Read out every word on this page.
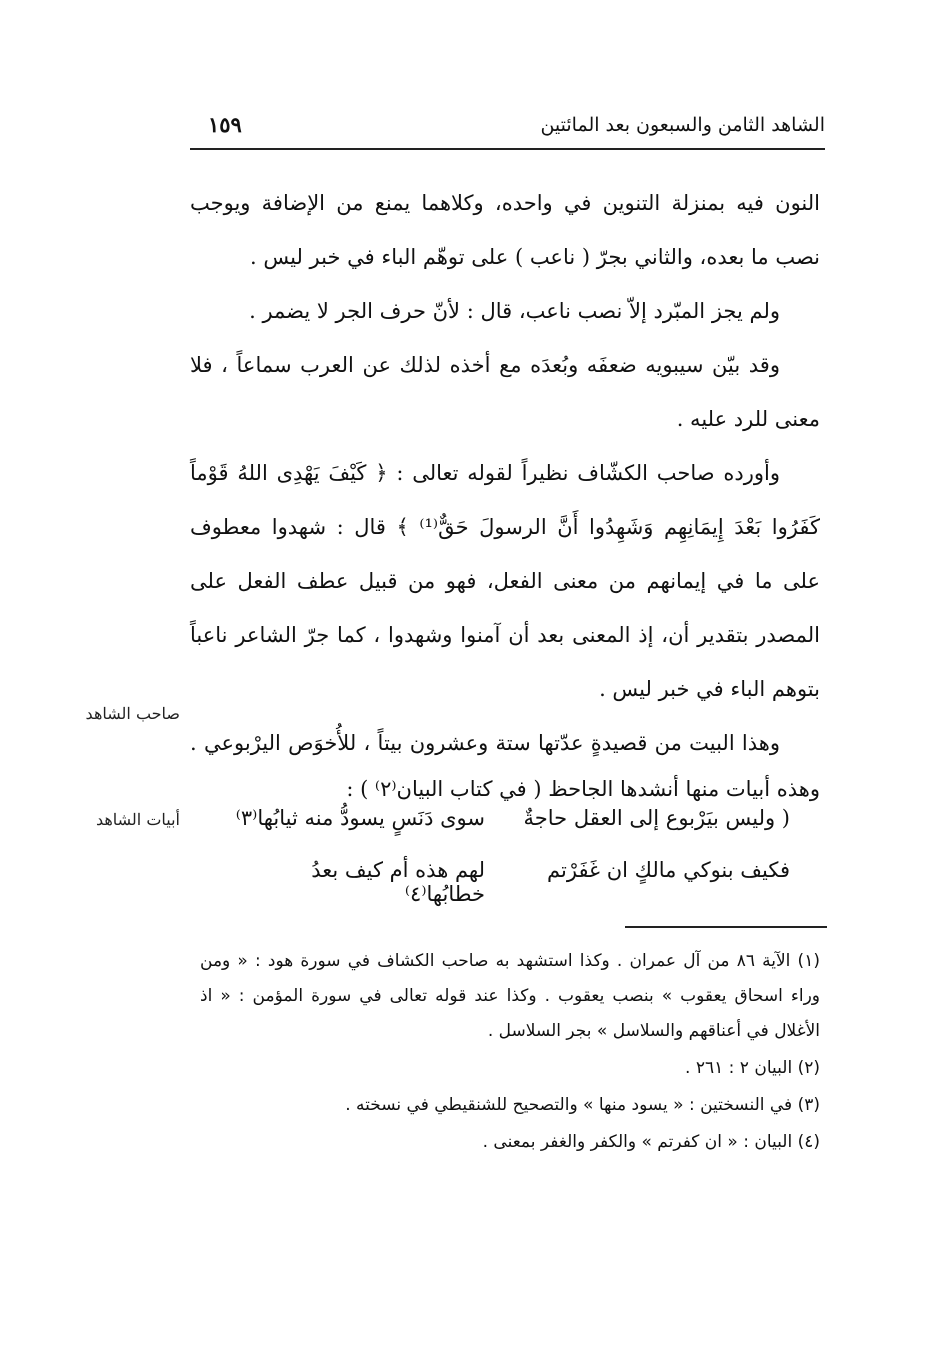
الشاهد الثامن والسبعون بعد المائتين
١٥٩

النون فيه بمنزلة التنوين في واحده، وكلاهما يمنع من الإضافة ويوجب نصب ما بعده، والثاني بجرّ ( ناعب ) على توهّم الباء في خبر ليس .

ولم يجز المبّرد إلاّ نصب ناعب، قال : لأنّ حرف الجر لا يضمر .

وقد بيّن سيبويه ضعفَه وبُعدَه مع أخذه لذلك عن العرب سماعاً ، فلا معنى للرد عليه .

وأورده صاحب الكشّاف نظيراً لقوله تعالى : ﴿ كَيْفَ يَهْدِى اللهُ قَوْماً كَفَرُوا بَعْدَ إِيمَانِهِم وَشَهِدُوا أَنَّ الرسولَ حَقٌّ⁽¹⁾ ﴾ قال : شهدوا معطوف على ما في إيمانهم من معنى الفعل، فهو من قبيل عطف الفعل على المصدر بتقدير أن، إذ المعنى بعد أن آمنوا وشهدوا ، كما جرّ الشاعر ناعباً بتوهم الباء في خبر ليس .

وهذا البيت من قصيدةٍ عدّتها ستة وعشرون بيتاً ، للأُخوَص اليرْبوعي . وهذه أبيات منها أنشدها الجاحظ ( في كتاب البيان⁽٢⁾ ) :

صاحب الشاهد
أبيات الشاهد	( وليس بيَرْبوع إلى العقل حاجةٌ
سوى دَنَسٍ يسودُّ منه ثيابُها⁽٣⁾
فكيف بنوكي مالكٍ ان غَفَرْتم
لهم هذه أم كيف بعدُ خطابُها⁽٤⁾

(١) الآية ٨٦ من آل عمران . وكذا استشهد به صاحب الكشاف في سورة هود : « ومن وراء اسحاق يعقوب » بنصب يعقوب . وكذا عند قوله تعالى في سورة المؤمن : « اذ الأغلال في أعناقهم والسلاسل » بجر السلاسل .

(٢) البيان ٢ : ٢٦١ .

(٣) في النسختين : « يسود منها » والتصحيح للشنقيطي في نسخته .

(٤) البيان : « ان كفرتم » والكفر والغفر بمعنى .
